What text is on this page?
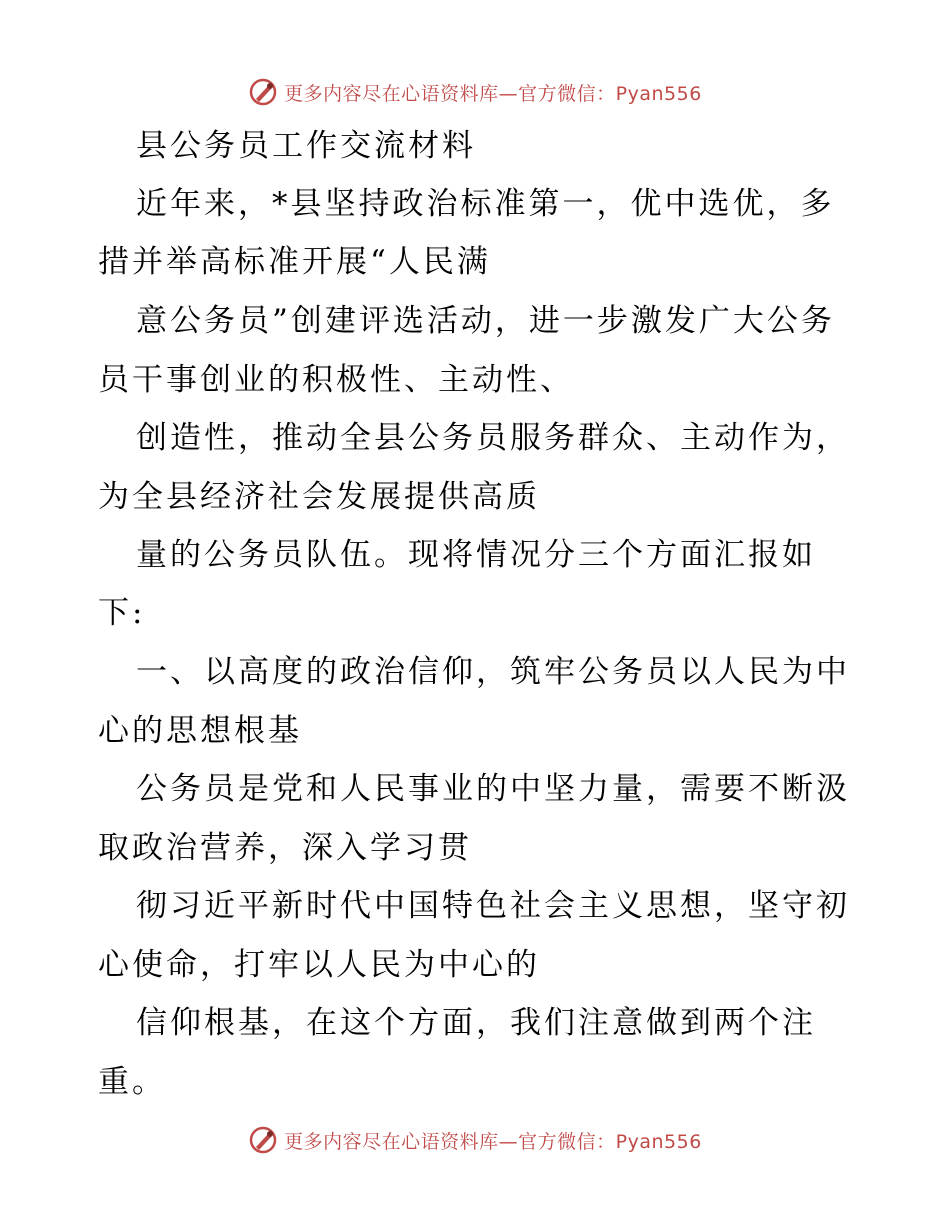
更多内容尽在心语资料库—官方微信：Pyan556
县公务员工作交流材料
近年来，*县坚持政治标准第一，优中选优，多
措并举高标准开展“人民满
意公务员”创建评选活动，进一步激发广大公务
员干事创业的积极性、主动性、
创造性，推动全县公务员服务群众、主动作为，
为全县经济社会发展提供高质
量的公务员队伍。现将情况分三个方面汇报如
下:
一、以高度的政治信仰，筑牢公务员以人民为中
心的思想根基
公务员是党和人民事业的中坚力量，需要不断汲
取政治营养，深入学习贯
彻习近平新时代中国特色社会主义思想，坚守初
心使命，打牢以人民为中心的
信仰根基，在这个方面，我们注意做到两个注
重。
更多内容尽在心语资料库—官方微信：Pyan556
